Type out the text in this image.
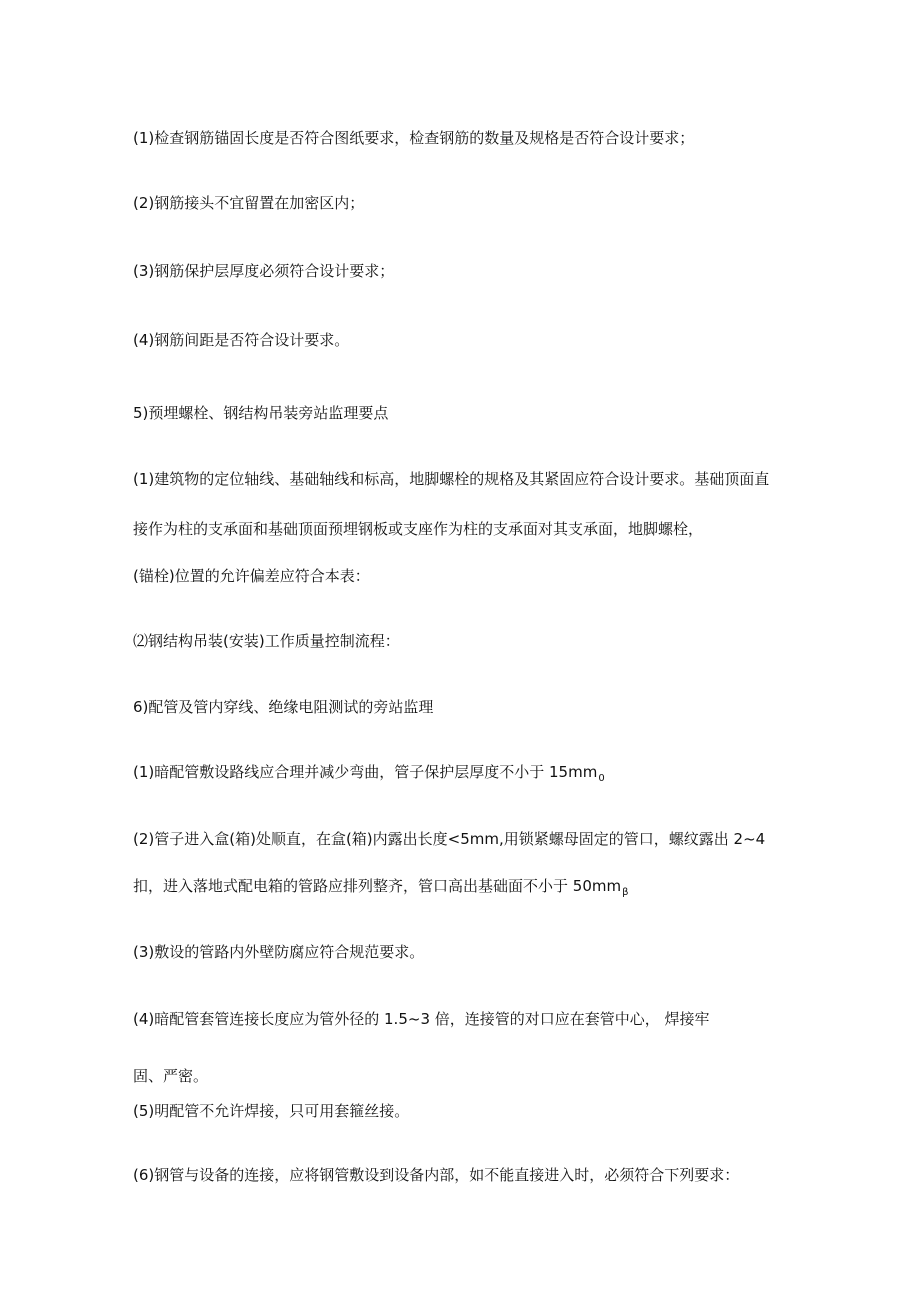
(1)检查钢筋锚固长度是否符合图纸要求，检查钢筋的数量及规格是否符合设计要求；
(2)钢筋接头不宜留置在加密区内；
(3)钢筋保护层厚度必须符合设计要求；
(4)钢筋间距是否符合设计要求。
5)预埋螺栓、钢结构吊装旁站监理要点
(1)建筑物的定位轴线、基础轴线和标高，地脚螺栓的规格及其紧固应符合设计要求。基础顶面直
接作为柱的支承面和基础顶面预埋钢板或支座作为柱的支承面对其支承面，地脚螺栓，
(锚栓)位置的允许偏差应符合本表：
⑵钢结构吊装(安装)工作质量控制流程：
6)配管及管内穿线、绝缘电阻测试的旁站监理
(1)暗配管敷设路线应合理并减少弯曲，管子保护层厚度不小于 $15mm_0$
(2)管子进入盒(箱)处顺直，在盒(箱)内露出长度<5mm,用锁紧螺母固定的管口，螺纹露出 2~4
扣，进入落地式配电箱的管路应排列整齐，管口高出基础面不小于 $50mm_\beta$
(3)敷设的管路内外壁防腐应符合规范要求。
(4)暗配管套管连接长度应为管外径的 1.5~3 倍，连接管的对口应在套管中心， 焊接牢
固、严密。
(5)明配管不允许焊接，只可用套箍丝接。
(6)钢管与设备的连接，应将钢管敷设到设备内部，如不能直接进入时，必须符合下列要求：
